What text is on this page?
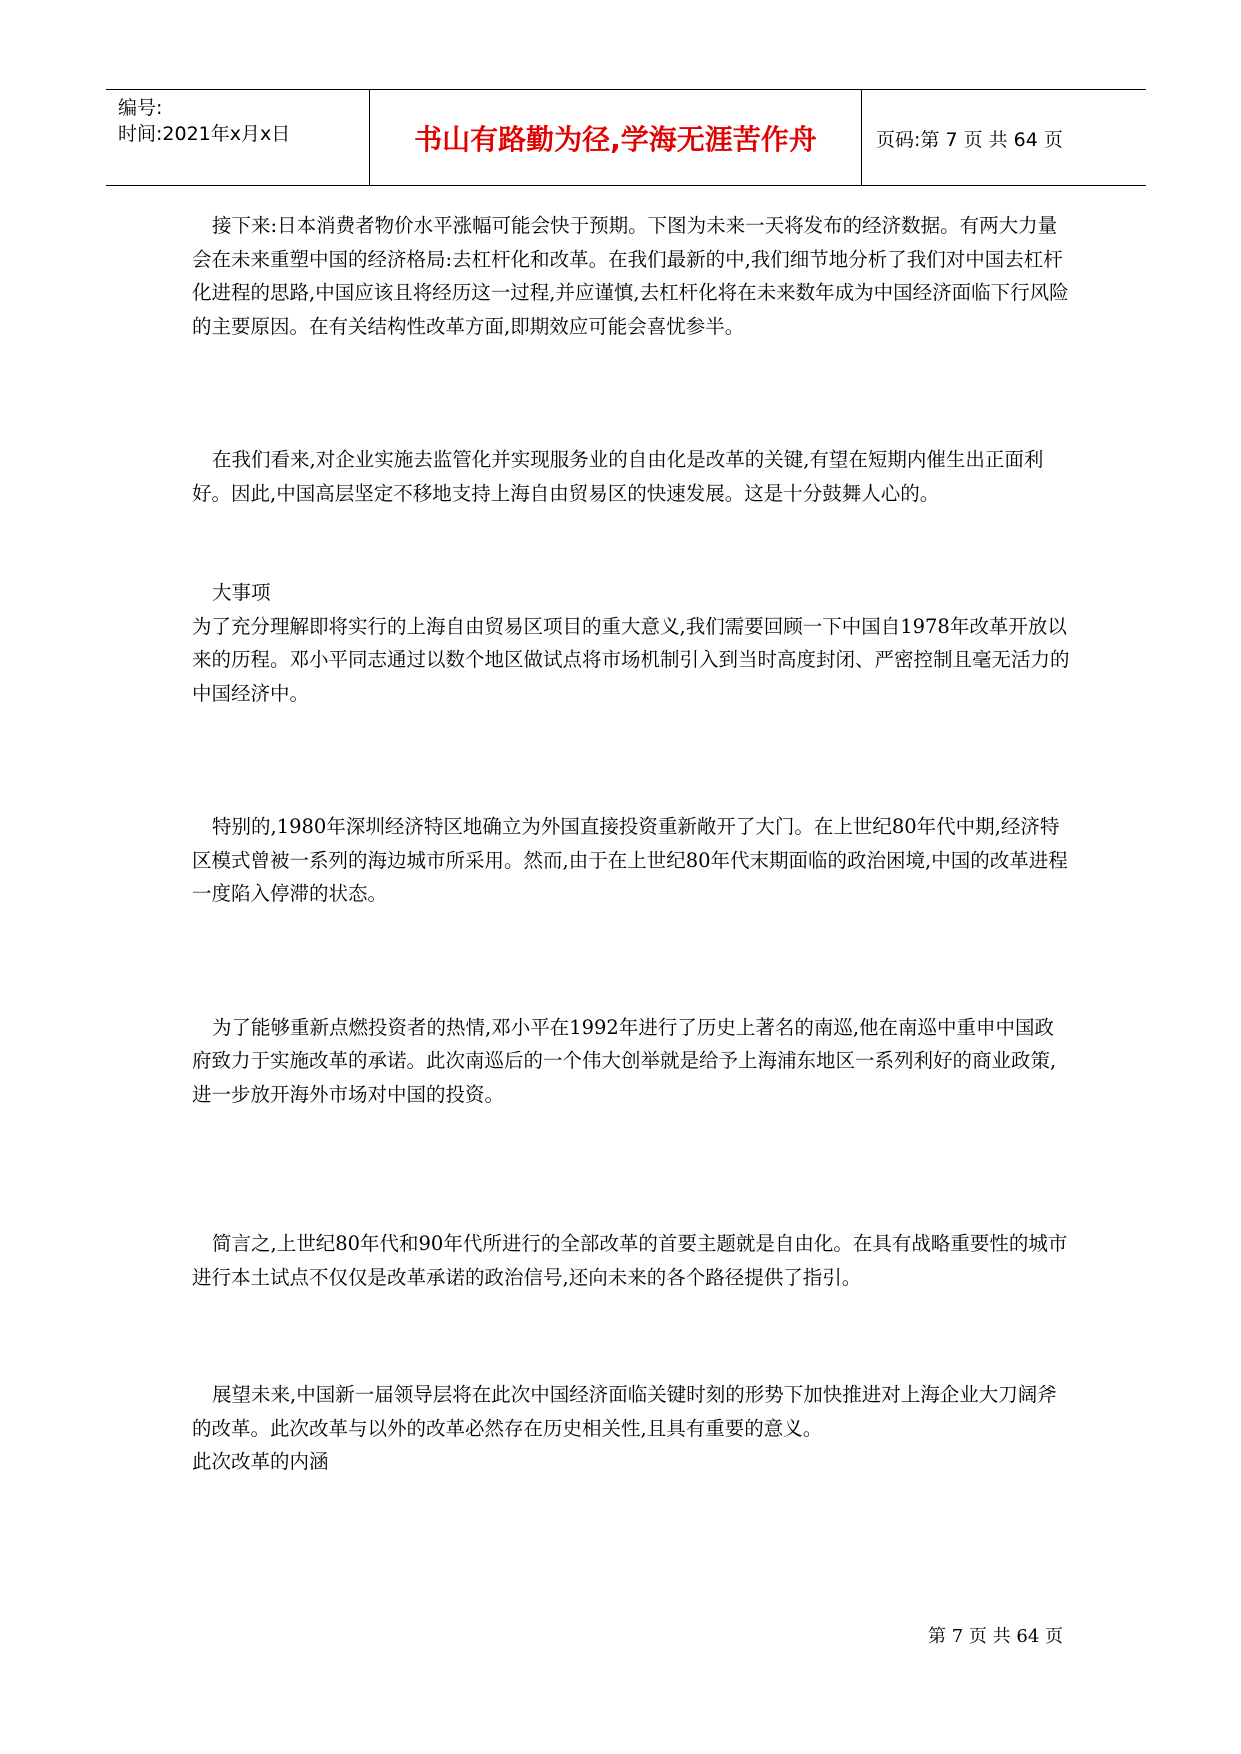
编号:
时间:2021年x月x日	书山有路勤为径,学海无涯苦作舟	页码:第 7 页 共 64 页

接下来:日本消费者物价水平涨幅可能会快于预期。下图为未来一天将发布的经济数据。有两大力量会在未来重塑中国的经济格局:去杠杆化和改革。在我们最新的中,我们细节地分析了我们对中国去杠杆化进程的思路,中国应该且将经历这一过程,并应谨慎,去杠杆化将在未来数年成为中国经济面临下行风险的主要原因。在有关结构性改革方面,即期效应可能会喜忧参半。

在我们看来,对企业实施去监管化并实现服务业的自由化是改革的关键,有望在短期内催生出正面利好。因此,中国高层坚定不移地支持上海自由贸易区的快速发展。这是十分鼓舞人心的。

大事项

为了充分理解即将实行的上海自由贸易区项目的重大意义,我们需要回顾一下中国自1978年改革开放以来的历程。邓小平同志通过以数个地区做试点将市场机制引入到当时高度封闭、严密控制且毫无活力的中国经济中。

特别的,1980年深圳经济特区地确立为外国直接投资重新敞开了大门。在上世纪80年代中期,经济特区模式曾被一系列的海边城市所采用。然而,由于在上世纪80年代末期面临的政治困境,中国的改革进程一度陷入停滞的状态。

为了能够重新点燃投资者的热情,邓小平在1992年进行了历史上著名的南巡,他在南巡中重申中国政府致力于实施改革的承诺。此次南巡后的一个伟大创举就是给予上海浦东地区一系列利好的商业政策,进一步放开海外市场对中国的投资。

简言之,上世纪80年代和90年代所进行的全部改革的首要主题就是自由化。在具有战略重要性的城市进行本土试点不仅仅是改革承诺的政治信号,还向未来的各个路径提供了指引。

展望未来,中国新一届领导层将在此次中国经济面临关键时刻的形势下加快推进对上海企业大刀阔斧的改革。此次改革与以外的改革必然存在历史相关性,且具有重要的意义。

此次改革的内涵

第 7 页 共 64 页
